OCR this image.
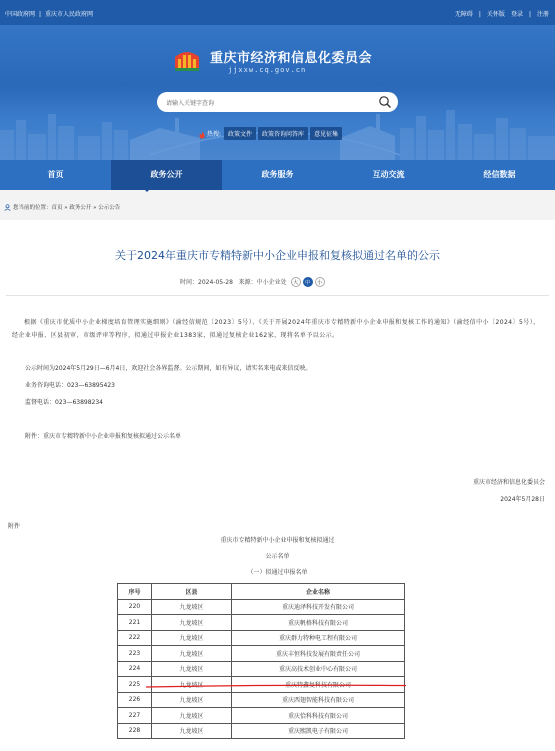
中国政府网 | 重庆市人民政府网	无障碍 | 关怀版 登录 | 注册
重庆市经济和信息化委员会
jjxxw.cq.gov.cn
请输入关键字查询
热搜: 政策文件 政策咨询问答库 意见征集
首页	政务公开	政务服务	互动交流	经信数据
您当前的位置：首页 » 政务公开 » 公示公告
关于2024年重庆市专精特新中小企业申报和复核拟通过名单的公示
时间：2024-05-28 来源：中小企业处 大 中 小
根据《重庆市优质中小企业梯度培育管理实施细则》（渝经信规范〔2023〕5号）、《关于开展2024年重庆市专精特新中小企业申报和复核工作的通知》（渝经信中小〔2024〕5号），经企业申报、区县初审、市级评审等程序，拟通过申报企业1383家，拟通过复核企业162家，现将名单予以公示。
公示时间为2024年5月29日—6月4日，欢迎社会各界监督。公示期间，如有异议，请实名来电或来信反映。
业务咨询电话：023—63895423
监督电话：023—63898234
附件：重庆市专精特新中小企业申报和复核拟通过公示名单
重庆市经济和信息化委员会
2024年5月28日
附件
重庆市专精特新中小企业申报和复核拟通过
公示名单
（一）拟通过申报名单
序号	区县	企业名称
220	九龙坡区	重庆迪泽科技开发有限公司
221	九龙坡区	重庆帆格科技有限公司
222	九龙坡区	重庆群力特种电工程有限公司
223	九龙坡区	重庆丰恒科技发展有限责任公司
224	九龙坡区	重庆高技术创业中心有限公司
225	九龙坡区	重庆特鑫复科技有限公司
226	九龙坡区	重庆西翅智能科技有限公司
227	九龙坡区	重庆恰科科技有限公司
228	九龙坡区	重庆熙凯电子有限公司
